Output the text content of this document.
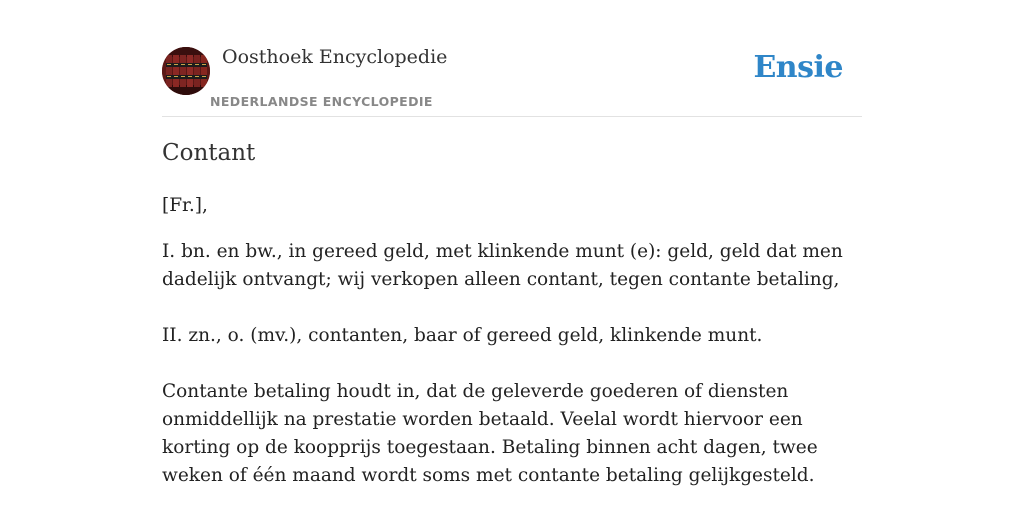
Oosthoek Encyclopedie
NEDERLANDSE ENCYCLOPEDIE
Ensie
Contant

[Fr.],

I. bn. en bw., in gereed geld, met klinkende munt (e): geld, geld dat men dadelijk ontvangt; wij verkopen alleen contant, tegen contante betaling,

II. zn., o. (mv.), contanten, baar of gereed geld, klinkende munt.

Contante betaling houdt in, dat de geleverde goederen of diensten onmiddellijk na prestatie worden betaald. Veelal wordt hiervoor een korting op de koopprijs toegestaan. Betaling binnen acht dagen, twee weken of één maand wordt soms met contante betaling gelijkgesteld.
